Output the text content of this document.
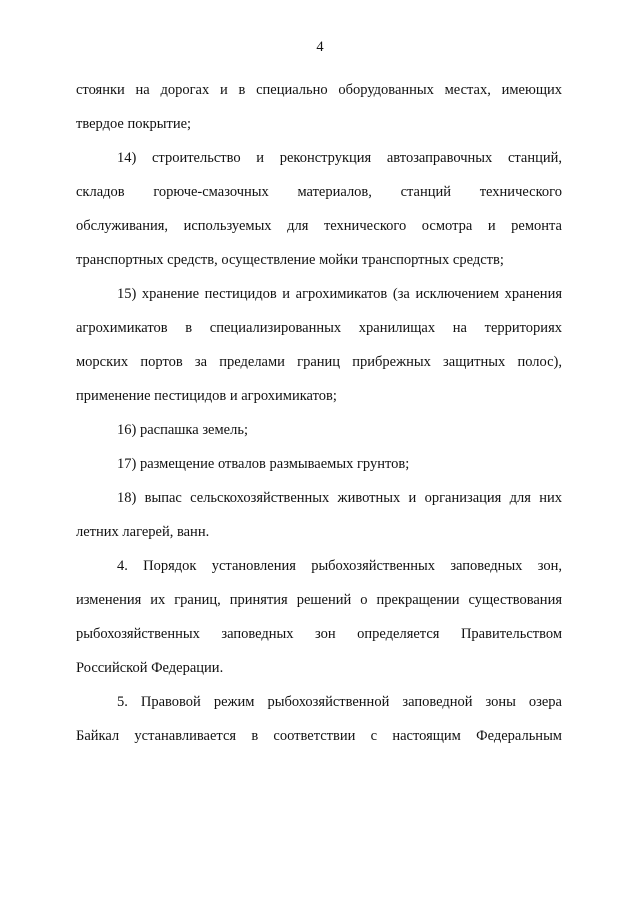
4
стоянки на дорогах и в специально оборудованных местах, имеющих
твердое покрытие;
14) строительство и реконструкция автозаправочных станций,
складов горюче-смазочных материалов, станций технического
обслуживания, используемых для технического осмотра и ремонта
транспортных средств, осуществление мойки транспортных средств;
15) хранение пестицидов и агрохимикатов (за исключением хранения
агрохимикатов в специализированных хранилищах на территориях
морских портов за пределами границ прибрежных защитных полос),
применение пестицидов и агрохимикатов;
16) распашка земель;
17) размещение отвалов размываемых грунтов;
18) выпас сельскохозяйственных животных и организация для них
летних лагерей, ванн.
4. Порядок установления рыбохозяйственных заповедных зон,
изменения их границ, принятия решений о прекращении существования
рыбохозяйственных заповедных зон определяется Правительством
Российской Федерации.
5. Правовой режим рыбохозяйственной заповедной зоны озера
Байкал устанавливается в соответствии с настоящим Федеральным
